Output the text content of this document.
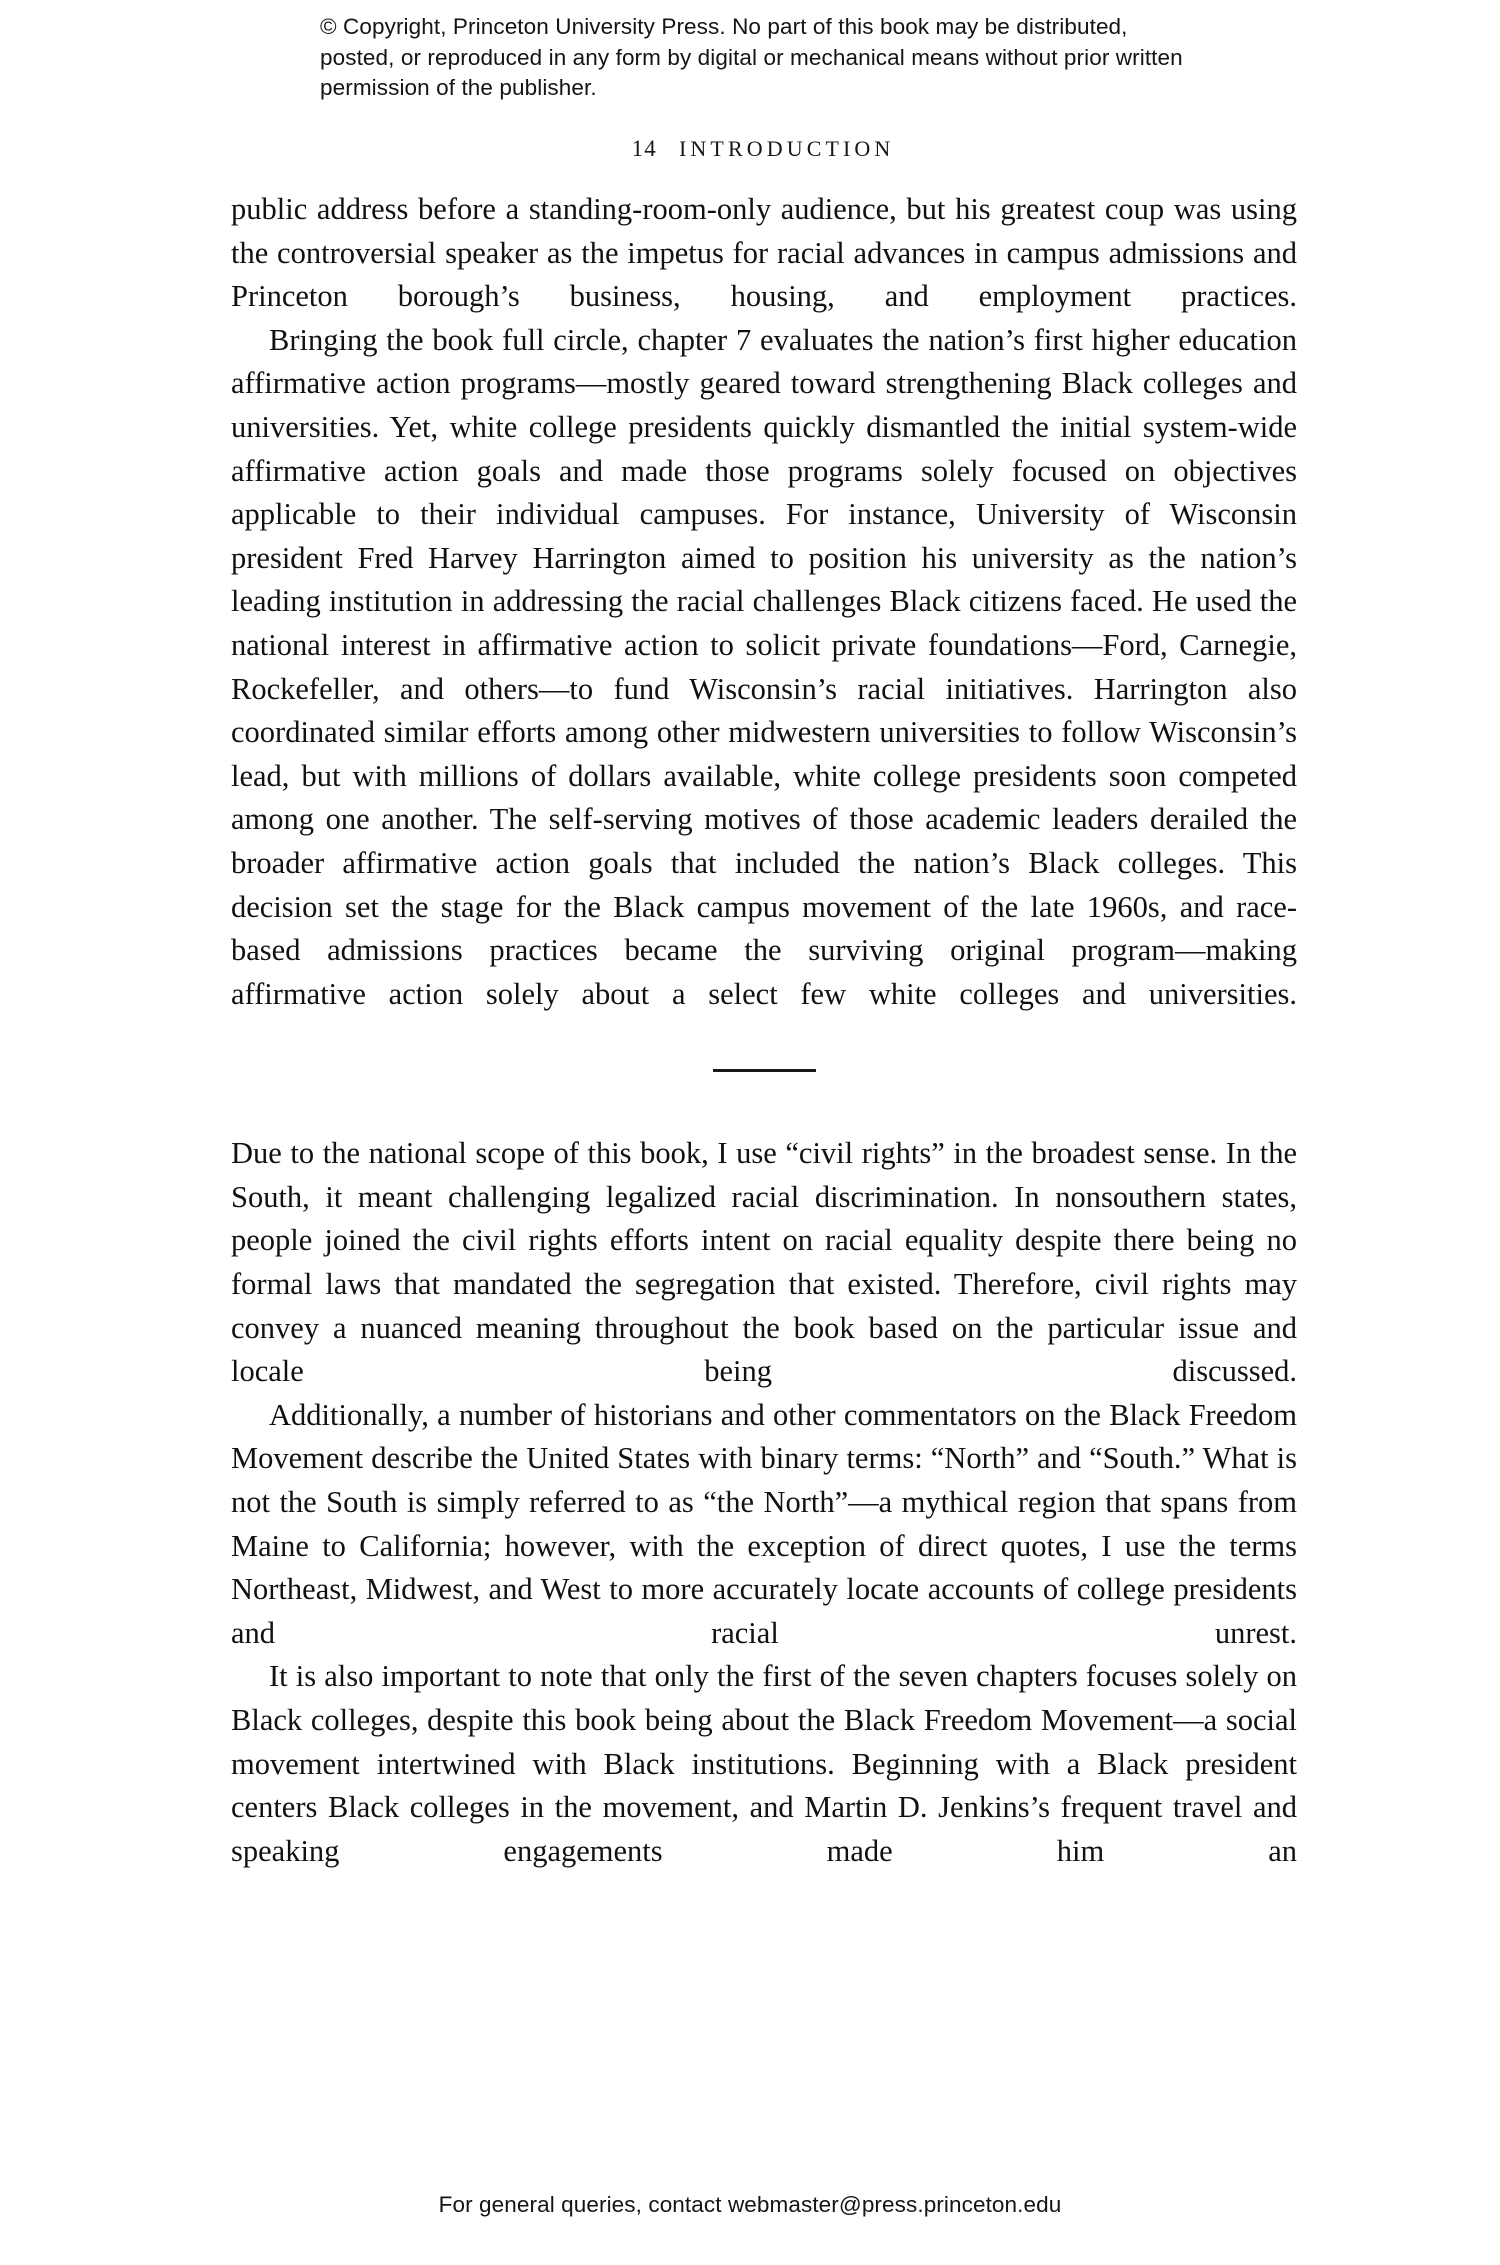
© Copyright, Princeton University Press. No part of this book may be distributed, posted, or reproduced in any form by digital or mechanical means without prior written permission of the publisher.
14 INTRODUCTION

public address before a standing-room-only audience, but his greatest coup was using the controversial speaker as the impetus for racial advances in campus admissions and Princeton borough’s business, housing, and employment practices.

Bringing the book full circle, chapter 7 evaluates the nation’s first higher education affirmative action programs—mostly geared toward strengthening Black colleges and universities. Yet, white college presidents quickly dismantled the initial system-wide affirmative action goals and made those programs solely focused on objectives applicable to their individual campuses. For instance, University of Wisconsin president Fred Harvey Harrington aimed to position his university as the nation’s leading institution in addressing the racial challenges Black citizens faced. He used the national interest in affirmative action to solicit private foundations—Ford, Carnegie, Rockefeller, and others—to fund Wisconsin’s racial initiatives. Harrington also coordinated similar efforts among other midwestern universities to follow Wisconsin’s lead, but with millions of dollars available, white college presidents soon competed among one another. The self-serving motives of those academic leaders derailed the broader affirmative action goals that included the nation’s Black colleges. This decision set the stage for the Black campus movement of the late 1960s, and race-based admissions practices became the surviving original program—making affirmative action solely about a select few white colleges and universities.

Due to the national scope of this book, I use “civil rights” in the broadest sense. In the South, it meant challenging legalized racial discrimination. In nonsouthern states, people joined the civil rights efforts intent on racial equality despite there being no formal laws that mandated the segregation that existed. Therefore, civil rights may convey a nuanced meaning throughout the book based on the particular issue and locale being discussed.

Additionally, a number of historians and other commentators on the Black Freedom Movement describe the United States with binary terms: “North” and “South.” What is not the South is simply referred to as “the North”—a mythical region that spans from Maine to California; however, with the exception of direct quotes, I use the terms Northeast, Midwest, and West to more accurately locate accounts of college presidents and racial unrest.

It is also important to note that only the first of the seven chapters focuses solely on Black colleges, despite this book being about the Black Freedom Movement—a social movement intertwined with Black institutions. Beginning with a Black president centers Black colleges in the movement, and Martin D. Jenkins’s frequent travel and speaking engagements made him an

For general queries, contact webmaster@press.princeton.edu
